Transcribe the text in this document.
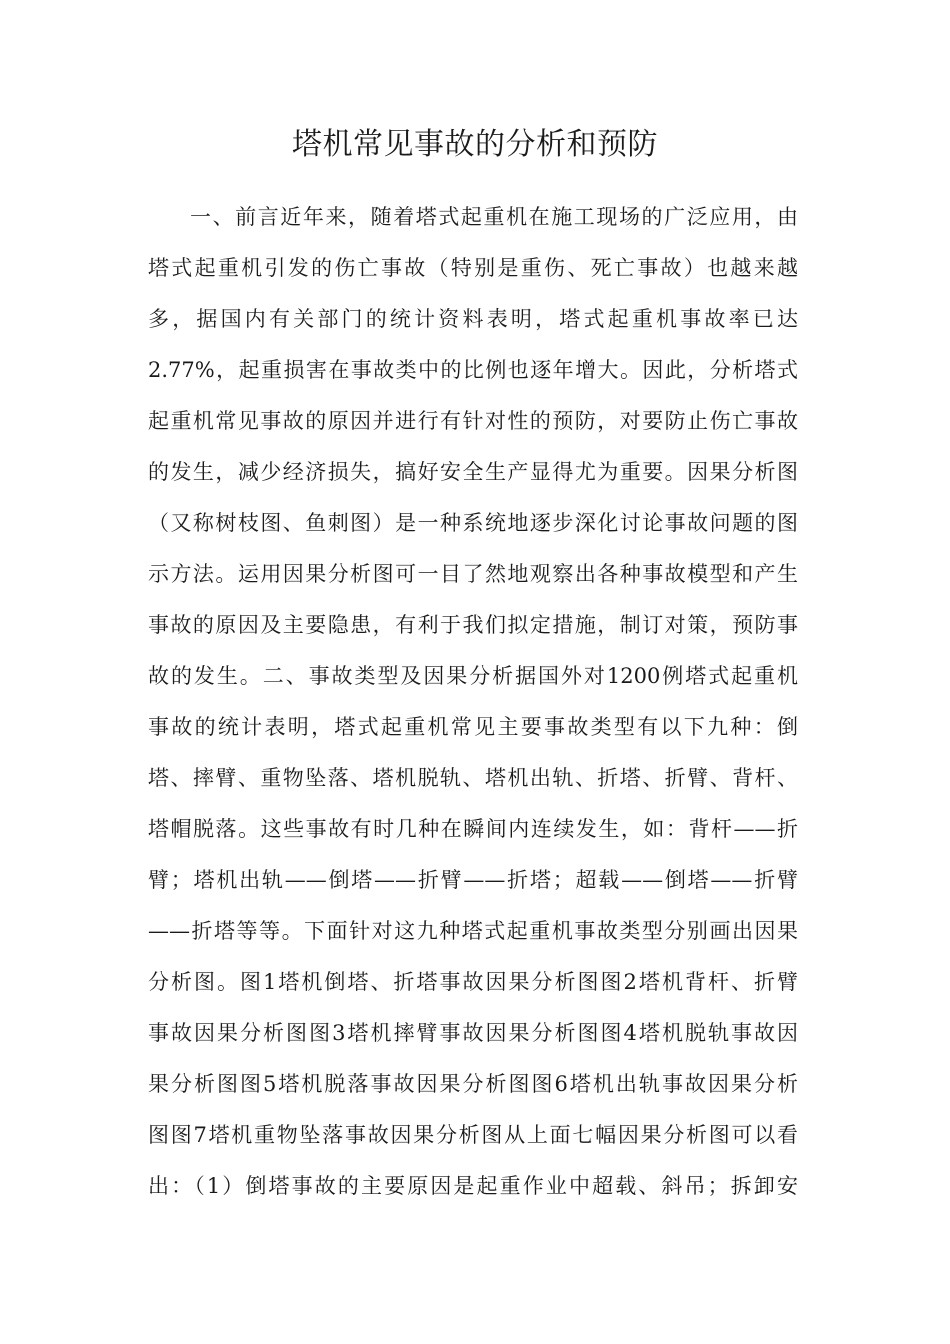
塔机常见事故的分析和预防
一、前言近年来，随着塔式起重机在施工现场的广泛应用，由
塔式起重机引发的伤亡事故（特别是重伤、死亡事故）也越来越
多，据国内有关部门的统计资料表明，塔式起重机事故率已达
2.77%，起重损害在事故类中的比例也逐年增大。因此，分析塔式
起重机常见事故的原因并进行有针对性的预防，对要防止伤亡事故
的发生，减少经济损失，搞好安全生产显得尤为重要。因果分析图
（又称树枝图、鱼刺图）是一种系统地逐步深化讨论事故问题的图
示方法。运用因果分析图可一目了然地观察出各种事故模型和产生
事故的原因及主要隐患，有利于我们拟定措施，制订对策，预防事
故的发生。二、事故类型及因果分析据国外对1200例塔式起重机
事故的统计表明，塔式起重机常见主要事故类型有以下九种：倒
塔、摔臂、重物坠落、塔机脱轨、塔机出轨、折塔、折臂、背杆、
塔帽脱落。这些事故有时几种在瞬间内连续发生，如：背杆——折
臂；塔机出轨——倒塔——折臂——折塔；超载——倒塔——折臂
——折塔等等。下面针对这九种塔式起重机事故类型分别画出因果
分析图。图1塔机倒塔、折塔事故因果分析图图2塔机背杆、折臂
事故因果分析图图3塔机摔臂事故因果分析图图4塔机脱轨事故因
果分析图图5塔机脱落事故因果分析图图6塔机出轨事故因果分析
图图7塔机重物坠落事故因果分析图从上面七幅因果分析图可以看
出：（1）倒塔事故的主要原因是起重作业中超载、斜吊；拆卸安
